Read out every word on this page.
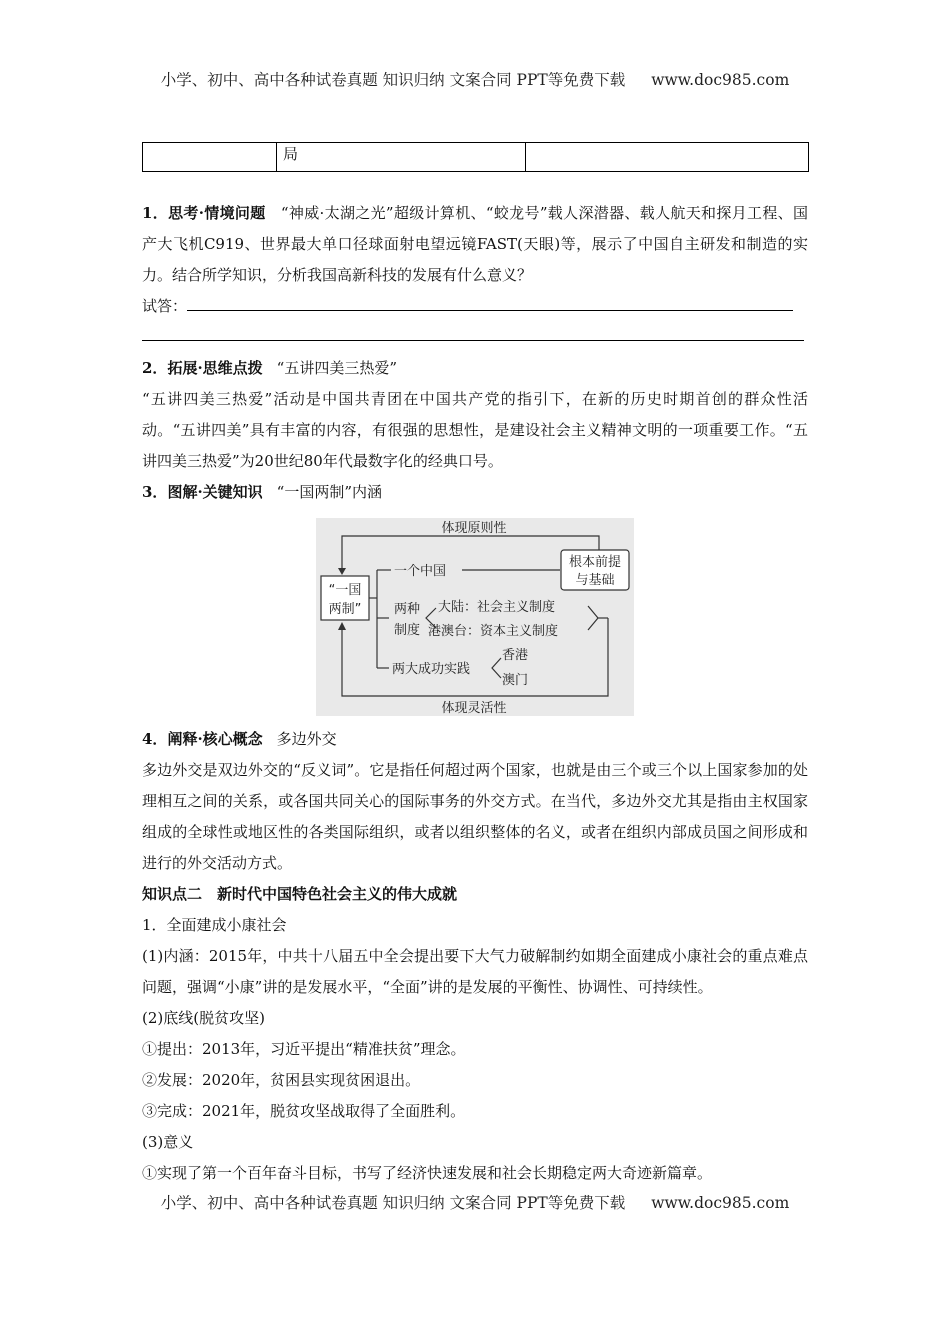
小学、初中、高中各种试卷真题 知识归纳 文案合同 PPT等免费下载 www.doc985.com
	局	

1．思考·情境问题　 “神威·太湖之光”超级计算机、“蛟龙号”载人深潜器、载人航天和探月工程、国产大飞机C919、世界最大单口径球面射电望远镜FAST(天眼)等，展示了中国自主研发和制造的实力。结合所学知识，分析我国高新科技的发展有什么意义？

试答：

2．拓展·思维点拨 “五讲四美三热爱”

“五讲四美三热爱”活动是中国共青团在中国共产党的指引下，在新的历史时期首创的群众性活动。“五讲四美”具有丰富的内容，有很强的思想性，是建设社会主义精神文明的一项重要工作。“五讲四美三热爱”为20世纪80年代最数字化的经典口号。

3．图解·关键知识 “一国两制”内涵

体现原则性
“一国
两制”
一个中国
根本前提
与基础
两种
制度
大陆：社会主义制度
港澳台：资本主义制度
两大成功实践
香港
澳门
体现灵活性

4．阐释·核心概念 多边外交

多边外交是双边外交的“反义词”。它是指任何超过两个国家，也就是由三个或三个以上国家参加的处理相互之间的关系，或各国共同关心的国际事务的外交方式。在当代，多边外交尤其是指由主权国家组成的全球性或地区性的各类国际组织，或者以组织整体的名义，或者在组织内部成员国之间形成和进行的外交活动方式。

知识点二　新时代中国特色社会主义的伟大成就

1．全面建成小康社会

(1)内涵：2015年，中共十八届五中全会提出要下大气力破解制约如期全面建成小康社会的重点难点问题，强调“小康”讲的是发展水平，“全面”讲的是发展的平衡性、协调性、可持续性。

(2)底线(脱贫攻坚)

①提出：2013年，习近平提出“精准扶贫”理念。

②发展：2020年，贫困县实现贫困退出。

③完成：2021年，脱贫攻坚战取得了全面胜利。

(3)意义

①实现了第一个百年奋斗目标，书写了经济快速发展和社会长期稳定两大奇迹新篇章。

小学、初中、高中各种试卷真题 知识归纳 文案合同 PPT等免费下载 www.doc985.com
